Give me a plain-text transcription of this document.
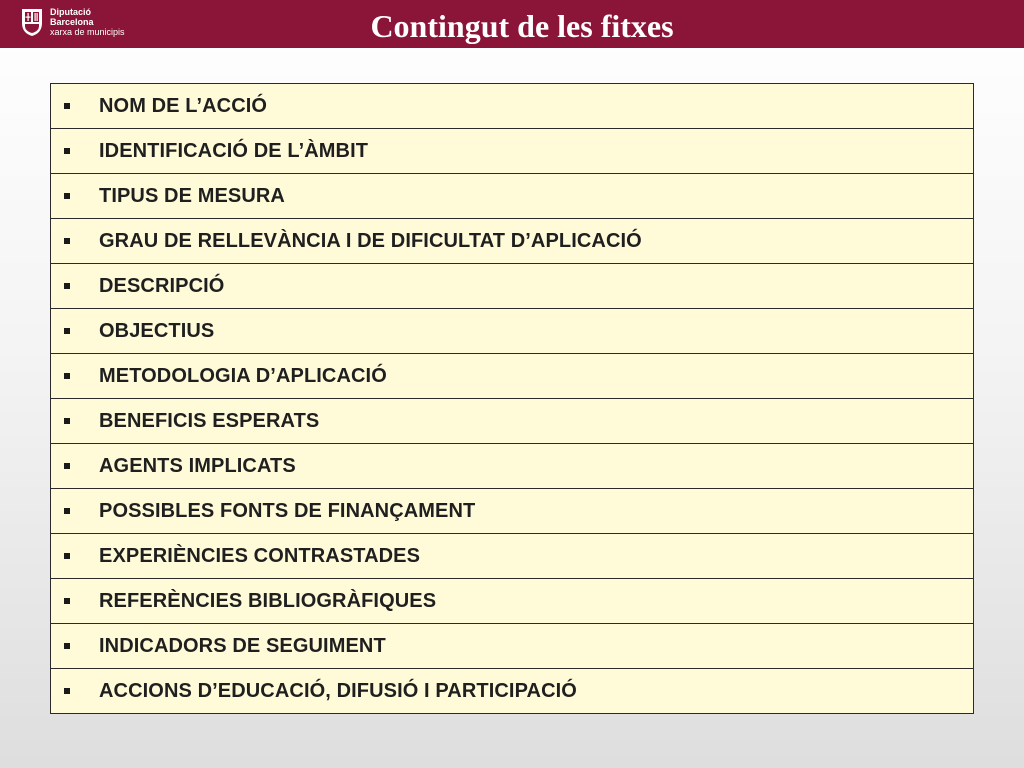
Diputació
Barcelona
xarxa de municipis	Contingut de les fitxes
NOM DE L’ACCIÓ

IDENTIFICACIÓ DE L’ÀMBIT

TIPUS DE MESURA

GRAU DE RELLEVÀNCIA I DE DIFICULTAT D’APLICACIÓ

DESCRIPCIÓ

OBJECTIUS

METODOLOGIA D’APLICACIÓ

BENEFICIS ESPERATS

AGENTS IMPLICATS

POSSIBLES FONTS DE FINANÇAMENT

EXPERIÈNCIES CONTRASTADES

REFERÈNCIES BIBLIOGRÀFIQUES

INDICADORS DE SEGUIMENT

ACCIONS D’EDUCACIÓ, DIFUSIÓ I PARTICIPACIÓ
